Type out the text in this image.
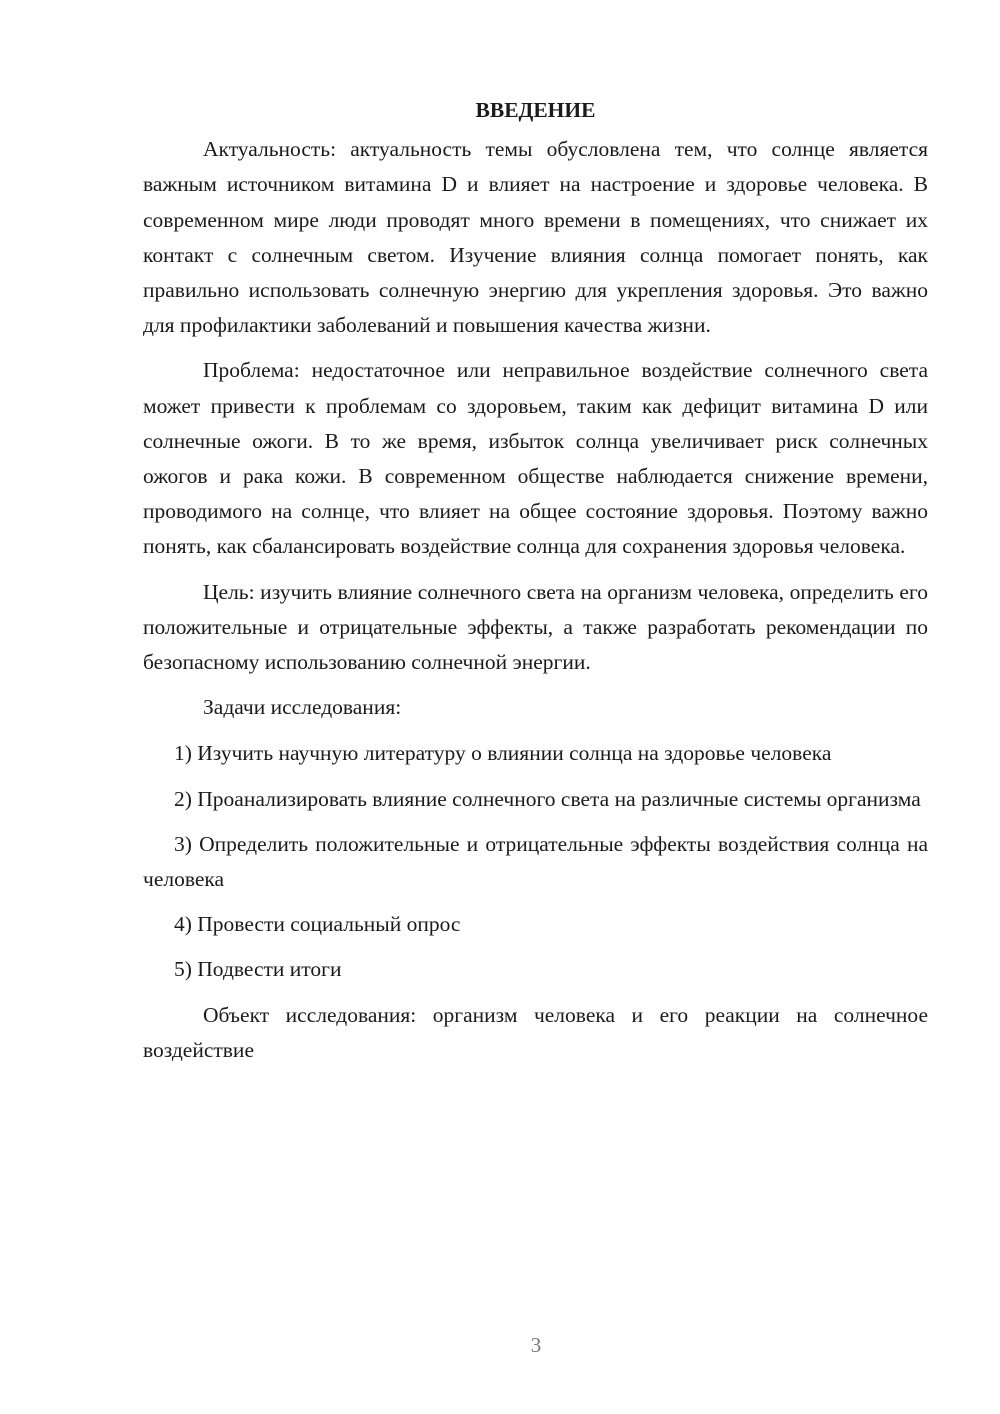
ВВЕДЕНИЕ

Актуальность: актуальность темы обусловлена тем, что солнце является важным источником витамина D и влияет на настроение и здоровье человека. В современном мире люди проводят много времени в помещениях, что снижает их контакт с солнечным светом. Изучение влияния солнца помогает понять, как правильно использовать солнечную энергию для укрепления здоровья. Это важно для профилактики заболеваний и повышения качества жизни.

Проблема: недостаточное или неправильное воздействие солнечного света может привести к проблемам со здоровьем, таким как дефицит витамина D или солнечные ожоги. В то же время, избыток солнца увеличивает риск солнечных ожогов и рака кожи. В современном обществе наблюдается снижение времени, проводимого на солнце, что влияет на общее состояние здоровья. Поэтому важно понять, как сбалансировать воздействие солнца для сохранения здоровья человека.

Цель: изучить влияние солнечного света на организм человека, определить его положительные и отрицательные эффекты, а также разработать рекомендации по безопасному использованию солнечной энергии.

Задачи исследования:

1) Изучить научную литературу о влиянии солнца на здоровье человека

2) Проанализировать влияние солнечного света на различные системы организма

3) Определить положительные и отрицательные эффекты воздействия солнца на человека

4) Провести социальный опрос

5) Подвести итоги

Объект исследования: организм человека и его реакции на солнечное воздействие

3
